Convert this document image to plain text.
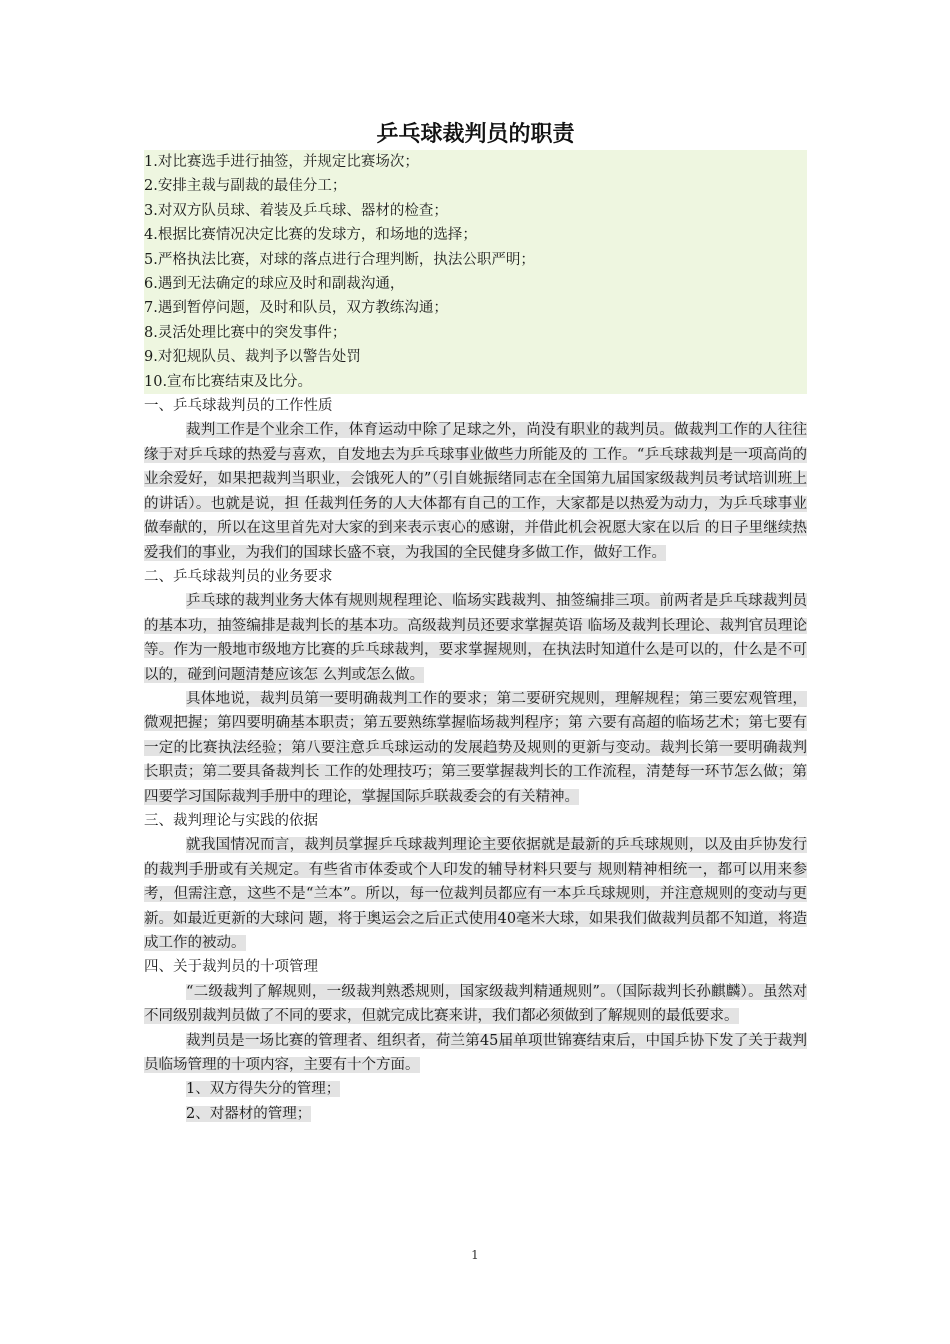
乒乓球裁判员的职责
1.对比赛选手进行抽签，并规定比赛场次；
2.安排主裁与副裁的最佳分工；
3.对双方队员球、着装及乒乓球、器材的检查；
4.根据比赛情况决定比赛的发球方，和场地的选择；
5.严格执法比赛，对球的落点进行合理判断，执法公职严明；
6.遇到无法确定的球应及时和副裁沟通，
7.遇到暂停问题，及时和队员，双方教练沟通；
8.灵活处理比赛中的突发事件；
9.对犯规队员、裁判予以警告处罚
10.宣布比赛结束及比分。

一、乒乓球裁判员的工作性质

裁判工作是个业余工作，体育运动中除了足球之外，尚没有职业的裁判员。做裁判工作的人往往缘于对乒乓球的热爱与喜欢，自发地去为乒乓球事业做些力所能及的 工作。“乒乓球裁判是一项高尚的业余爱好，如果把裁判当职业，会饿死人的”（引自姚振绪同志在全国第九届国家级裁判员考试培训班上的讲话）。也就是说，担 任裁判任务的人大体都有自己的工作，大家都是以热爱为动力，为乒乓球事业做奉献的，所以在这里首先对大家的到来表示衷心的感谢，并借此机会祝愿大家在以后 的日子里继续热爱我们的事业，为我们的国球长盛不衰，为我国的全民健身多做工作，做好工作。

二、乒乓球裁判员的业务要求

乒乓球的裁判业务大体有规则规程理论、临场实践裁判、抽签编排三项。前两者是乒乓球裁判员的基本功，抽签编排是裁判长的基本功。高级裁判员还要求掌握英语 临场及裁判长理论、裁判官员理论等。作为一般地市级地方比赛的乒乓球裁判，要求掌握规则，在执法时知道什么是可以的，什么是不可以的，碰到问题清楚应该怎 么判或怎么做。

具体地说，裁判员第一要明确裁判工作的要求；第二要研究规则，理解规程；第三要宏观管理，微观把握；第四要明确基本职责；第五要熟练掌握临场裁判程序；第 六要有高超的临场艺术；第七要有一定的比赛执法经验；第八要注意乒乓球运动的发展趋势及规则的更新与变动。裁判长第一要明确裁判长职责；第二要具备裁判长 工作的处理技巧；第三要掌握裁判长的工作流程，清楚每一环节怎么做；第四要学习国际裁判手册中的理论，掌握国际乒联裁委会的有关精神。

三、裁判理论与实践的依据

就我国情况而言，裁判员掌握乒乓球裁判理论主要依据就是最新的乒乓球规则，以及由乒协发行的裁判手册或有关规定。有些省市体委或个人印发的辅导材料只要与 规则精神相统一，都可以用来参考，但需注意，这些不是“兰本”。所以，每一位裁判员都应有一本乒乓球规则，并注意规则的变动与更新。如最近更新的大球问 题，将于奥运会之后正式使用40毫米大球，如果我们做裁判员都不知道，将造成工作的被动。

四、关于裁判员的十项管理

“二级裁判了解规则，一级裁判熟悉规则，国家级裁判精通规则”。（国际裁判长孙麒麟）。虽然对不同级别裁判员做了不同的要求，但就完成比赛来讲，我们都必须做到了解规则的最低要求。

裁判员是一场比赛的管理者、组织者，荷兰第45届单项世锦赛结束后，中国乒协下发了关于裁判员临场管理的十项内容，主要有十个方面。

1、双方得失分的管理；

2、对器材的管理；

1
